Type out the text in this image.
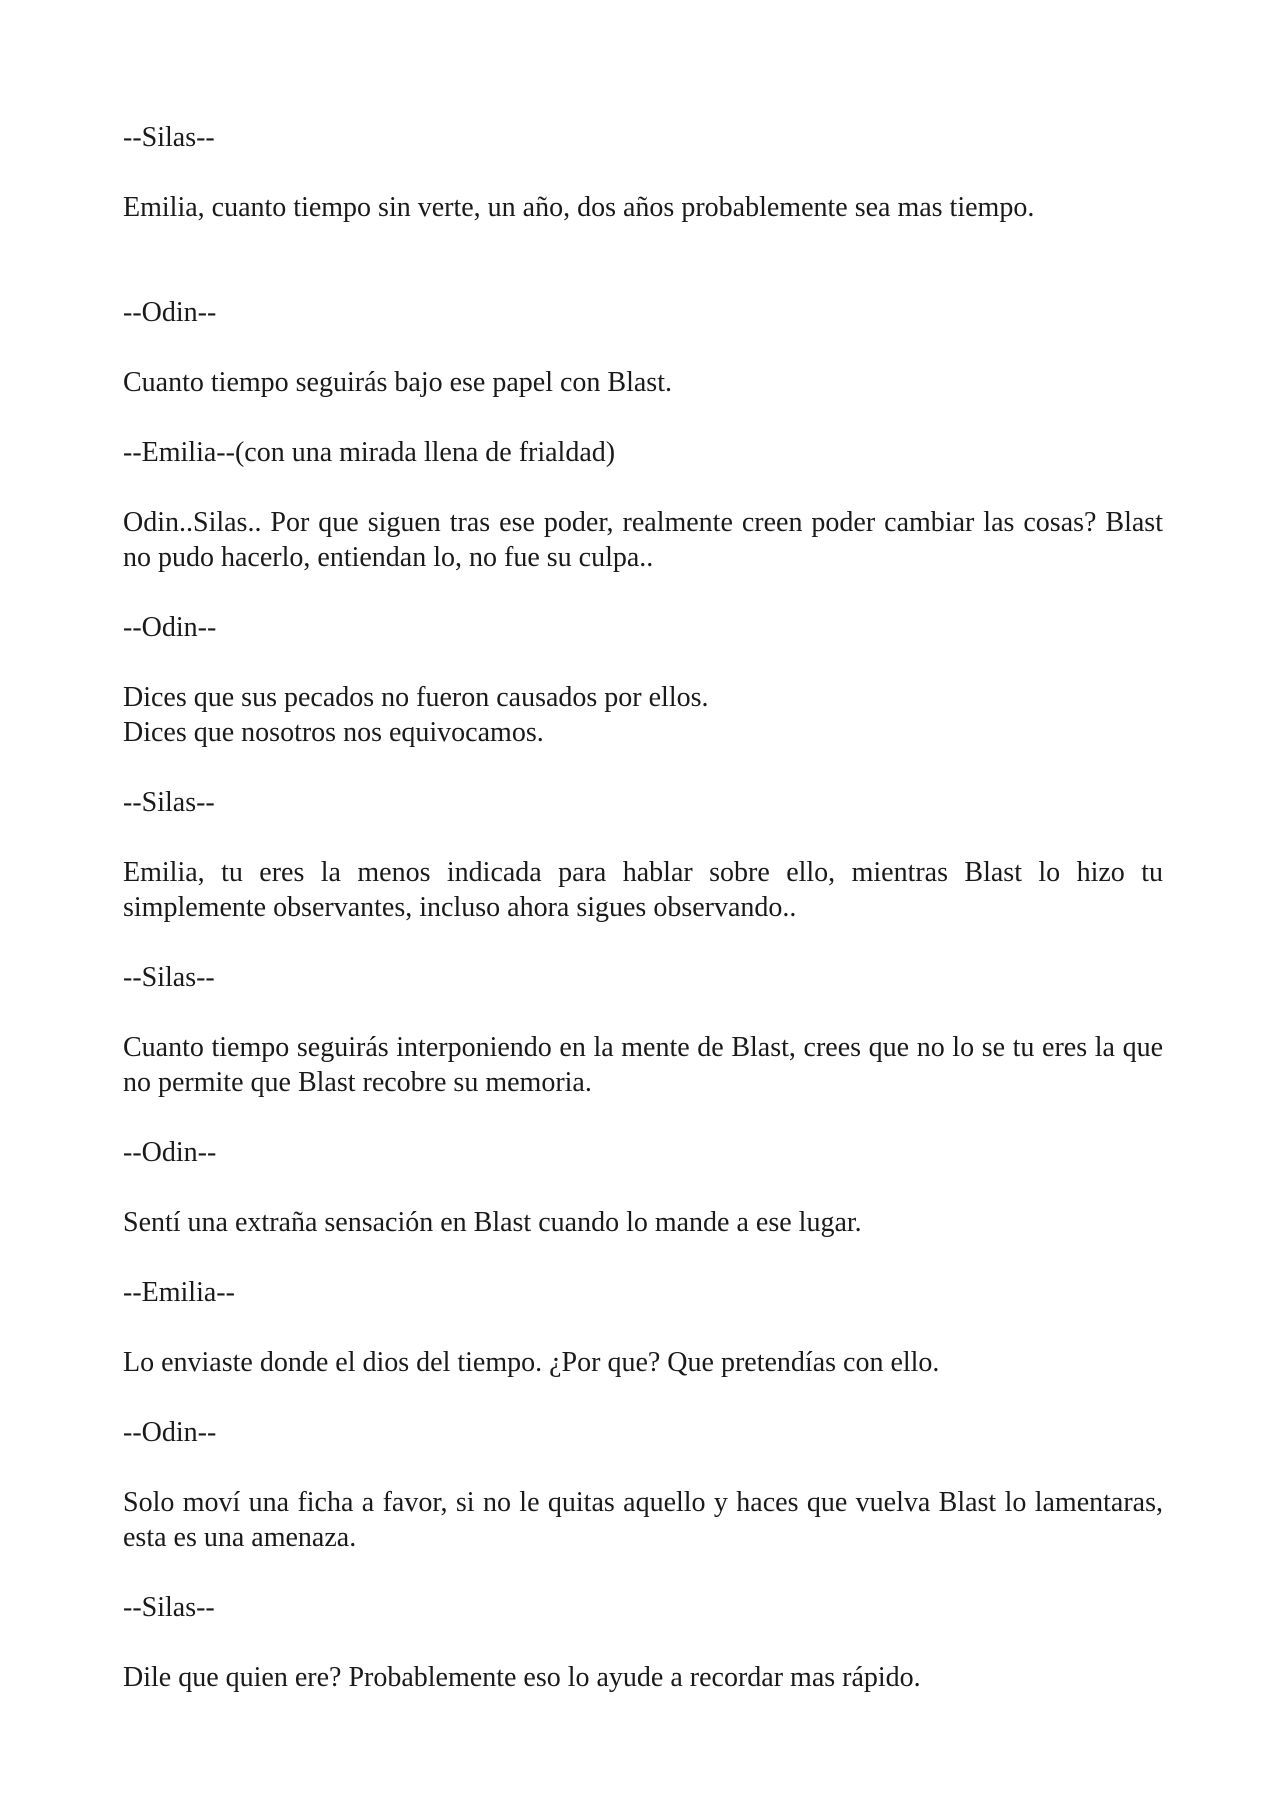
--Silas--

Emilia, cuanto tiempo sin verte, un año, dos años probablemente sea mas tiempo.

--Odin--

Cuanto tiempo seguirás bajo ese papel con Blast.

--Emilia--(con una mirada llena de frialdad)

Odin..Silas.. Por que siguen tras ese poder, realmente creen poder cambiar las cosas? Blast no pudo hacerlo, entiendan lo, no fue su culpa..

--Odin--

Dices que sus pecados no fueron causados por ellos.
Dices que nosotros nos equivocamos.

--Silas--

Emilia, tu eres la menos indicada para hablar sobre ello, mientras Blast lo hizo tu simplemente observantes, incluso ahora sigues observando..

--Silas--

Cuanto tiempo seguirás interponiendo en la mente de Blast, crees que no lo se tu eres la que no permite que Blast recobre su memoria.

--Odin--

Sentí una extraña sensación en Blast cuando lo mande a ese lugar.

--Emilia--

Lo enviaste donde el dios del tiempo. ¿Por que? Que pretendías con ello.

--Odin--

Solo moví una ficha a favor, si no le quitas aquello y haces que vuelva Blast lo lamentaras, esta es una amenaza.

--Silas--

Dile que quien ere? Probablemente eso lo ayude a recordar mas rápido.
